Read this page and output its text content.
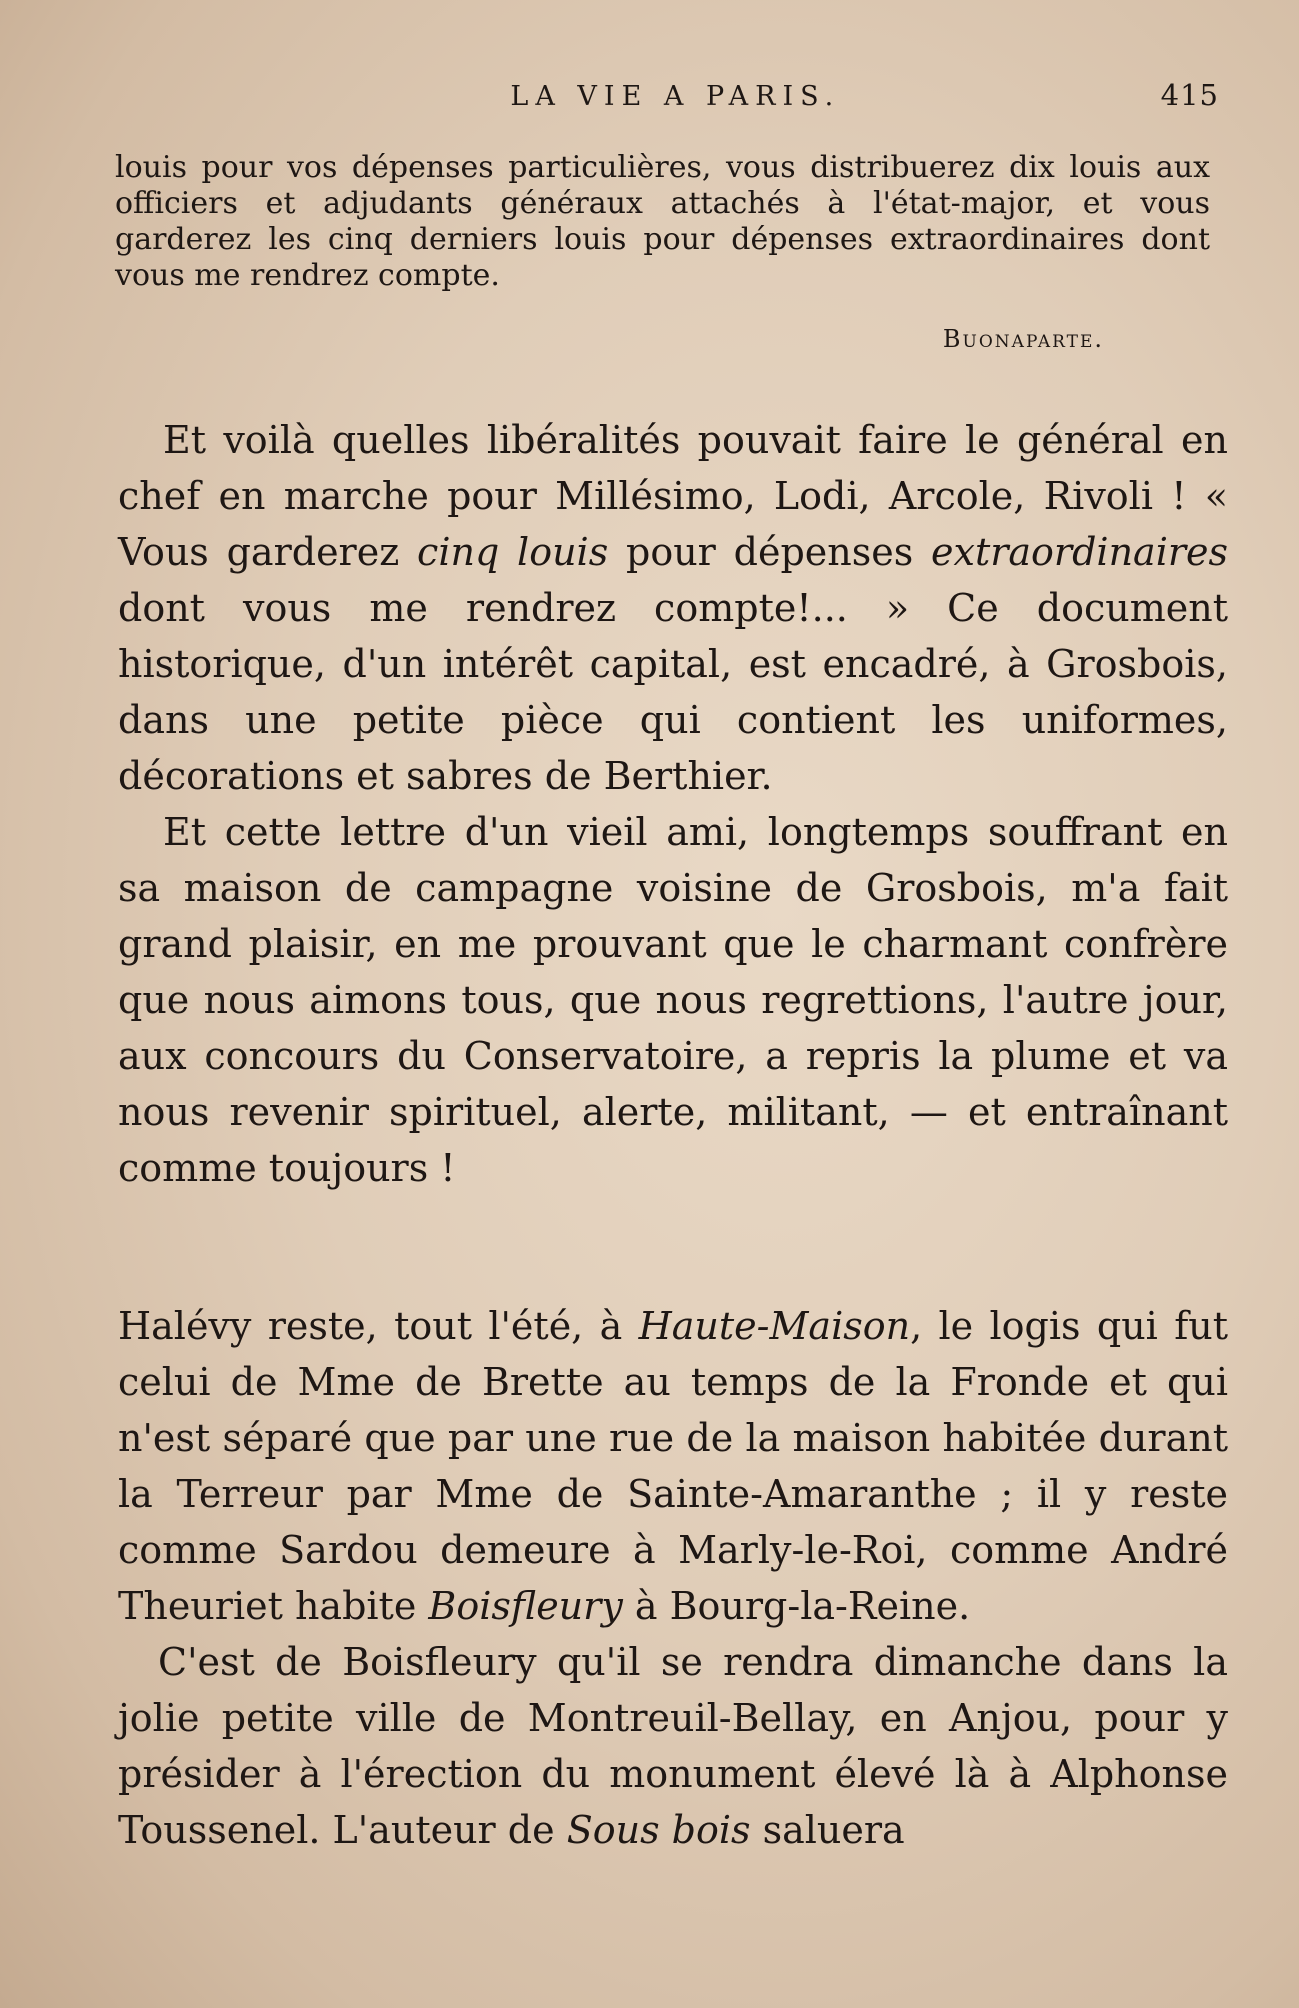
LA VIE A PARIS.	415

louis pour vos dépenses particulières, vous distribuerez dix louis aux officiers et adjudants généraux attachés à l'état-major, et vous garderez les cinq derniers louis pour dépenses extraordinaires dont vous me rendrez compte.

Buonaparte.

Et voilà quelles libéralités pouvait faire le général en chef en marche pour Millésimo, Lodi, Arcole, Rivoli ! « Vous garderez cinq louis pour dépenses extraordinaires dont vous me rendrez compte!... » Ce document historique, d'un intérêt capital, est encadré, à Grosbois, dans une petite pièce qui contient les uniformes, décorations et sabres de Berthier.

Et cette lettre d'un vieil ami, longtemps souffrant en sa maison de campagne voisine de Grosbois, m'a fait grand plaisir, en me prouvant que le charmant confrère que nous aimons tous, que nous regrettions, l'autre jour, aux concours du Conservatoire, a repris la plume et va nous revenir spirituel, alerte, militant, — et entraînant comme toujours !

Halévy reste, tout l'été, à Haute-Maison, le logis qui fut celui de Mme de Brette au temps de la Fronde et qui n'est séparé que par une rue de la maison habitée durant la Terreur par Mme de Sainte-Amaranthe ; il y reste comme Sardou demeure à Marly-le-Roi, comme André Theuriet habite Boisfleury à Bourg-la-Reine.

C'est de Boisfleury qu'il se rendra dimanche dans la jolie petite ville de Montreuil-Bellay, en Anjou, pour y présider à l'érection du monument élevé là à Alphonse Toussenel. L'auteur de Sous bois saluera
